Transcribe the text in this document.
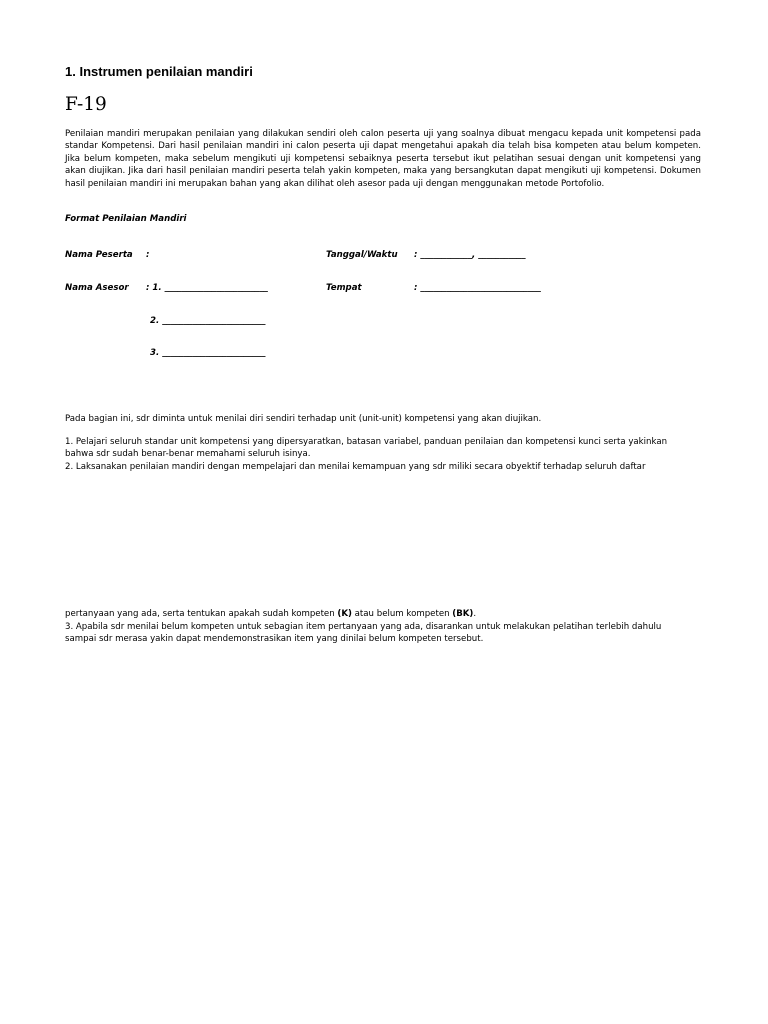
1. Instrumen penilaian mandiri
F-19

Penilaian mandiri merupakan penilaian yang dilakukan sendiri oleh calon peserta uji yang soalnya dibuat mengacu kepada unit kompetensi pada standar Kompetensi. Dari hasil penilaian mandiri ini calon peserta uji dapat mengetahui apakah dia telah bisa kompeten atau belum kompeten. Jika belum kompeten, maka sebelum mengikuti uji kompetensi sebaiknya peserta tersebut ikut pelatihan sesuai dengan unit kompetensi yang akan diujikan. Jika dari hasil penilaian mandiri peserta telah yakin kompeten, maka yang bersangkutan dapat mengikuti uji kompetensi. Dokumen hasil penilaian mandiri ini merupakan bahan yang akan dilihat oleh asesor pada uji dengan menggunakan metode Portofolio.

Format Penilaian Mandiri

Nama Peserta :	Tanggal/Waktu : ____________, ___________
Nama Asesor : 1. ________________________	Tempat	: ____________________________
2. ________________________
3. ________________________

Pada bagian ini, sdr diminta untuk menilai diri sendiri terhadap unit (unit-unit) kompetensi yang akan diujikan.

1. Pelajari seluruh standar unit kompetensi yang dipersyaratkan, batasan variabel, panduan penilaian dan kompetensi kunci serta yakinkan
bahwa sdr sudah benar-benar memahami seluruh isinya.

2. Laksanakan penilaian mandiri dengan mempelajari dan menilai kemampuan yang sdr miliki secara obyektif terhadap seluruh daftar

pertanyaan yang ada, serta tentukan apakah sudah kompeten (K) atau belum kompeten (BK).

3. Apabila sdr menilai belum kompeten untuk sebagian item pertanyaan yang ada, disarankan untuk melakukan pelatihan terlebih dahulu
sampai sdr merasa yakin dapat mendemonstrasikan item yang dinilai belum kompeten tersebut.
